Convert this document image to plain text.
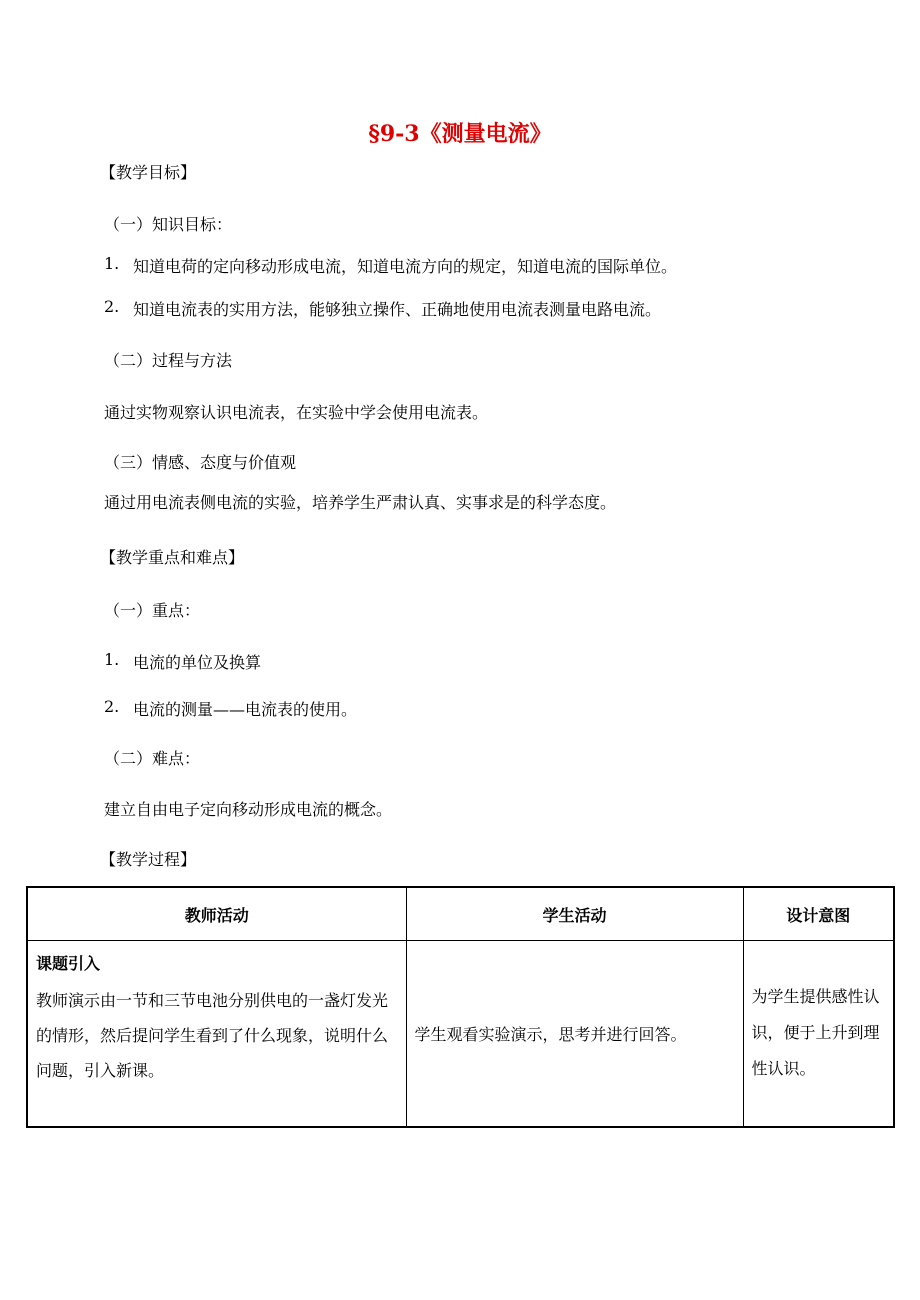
§9-3《测量电流》
【教学目标】
（一）知识目标：
1. 知道电荷的定向移动形成电流，知道电流方向的规定，知道电流的国际单位。
2. 知道电流表的实用方法，能够独立操作、正确地使用电流表测量电路电流。
（二）过程与方法
通过实物观察认识电流表，在实验中学会使用电流表。
（三）情感、态度与价值观
通过用电流表侧电流的实验，培养学生严肃认真、实事求是的科学态度。
【教学重点和难点】
（一）重点：
1. 电流的单位及换算
2. 电流的测量——电流表的使用。
（二）难点：
建立自由电子定向移动形成电流的概念。
【教学过程】
教师活动	学生活动	设计意图

课题引入
教师演示由一节和三节电池分别供电的一盏灯发光的情形，然后提问学生看到了什么现象，说明什么问题，引入新课。	学生观看实验演示，思考并进行回答。	为学生提供感性认识，便于上升到理性认识。
